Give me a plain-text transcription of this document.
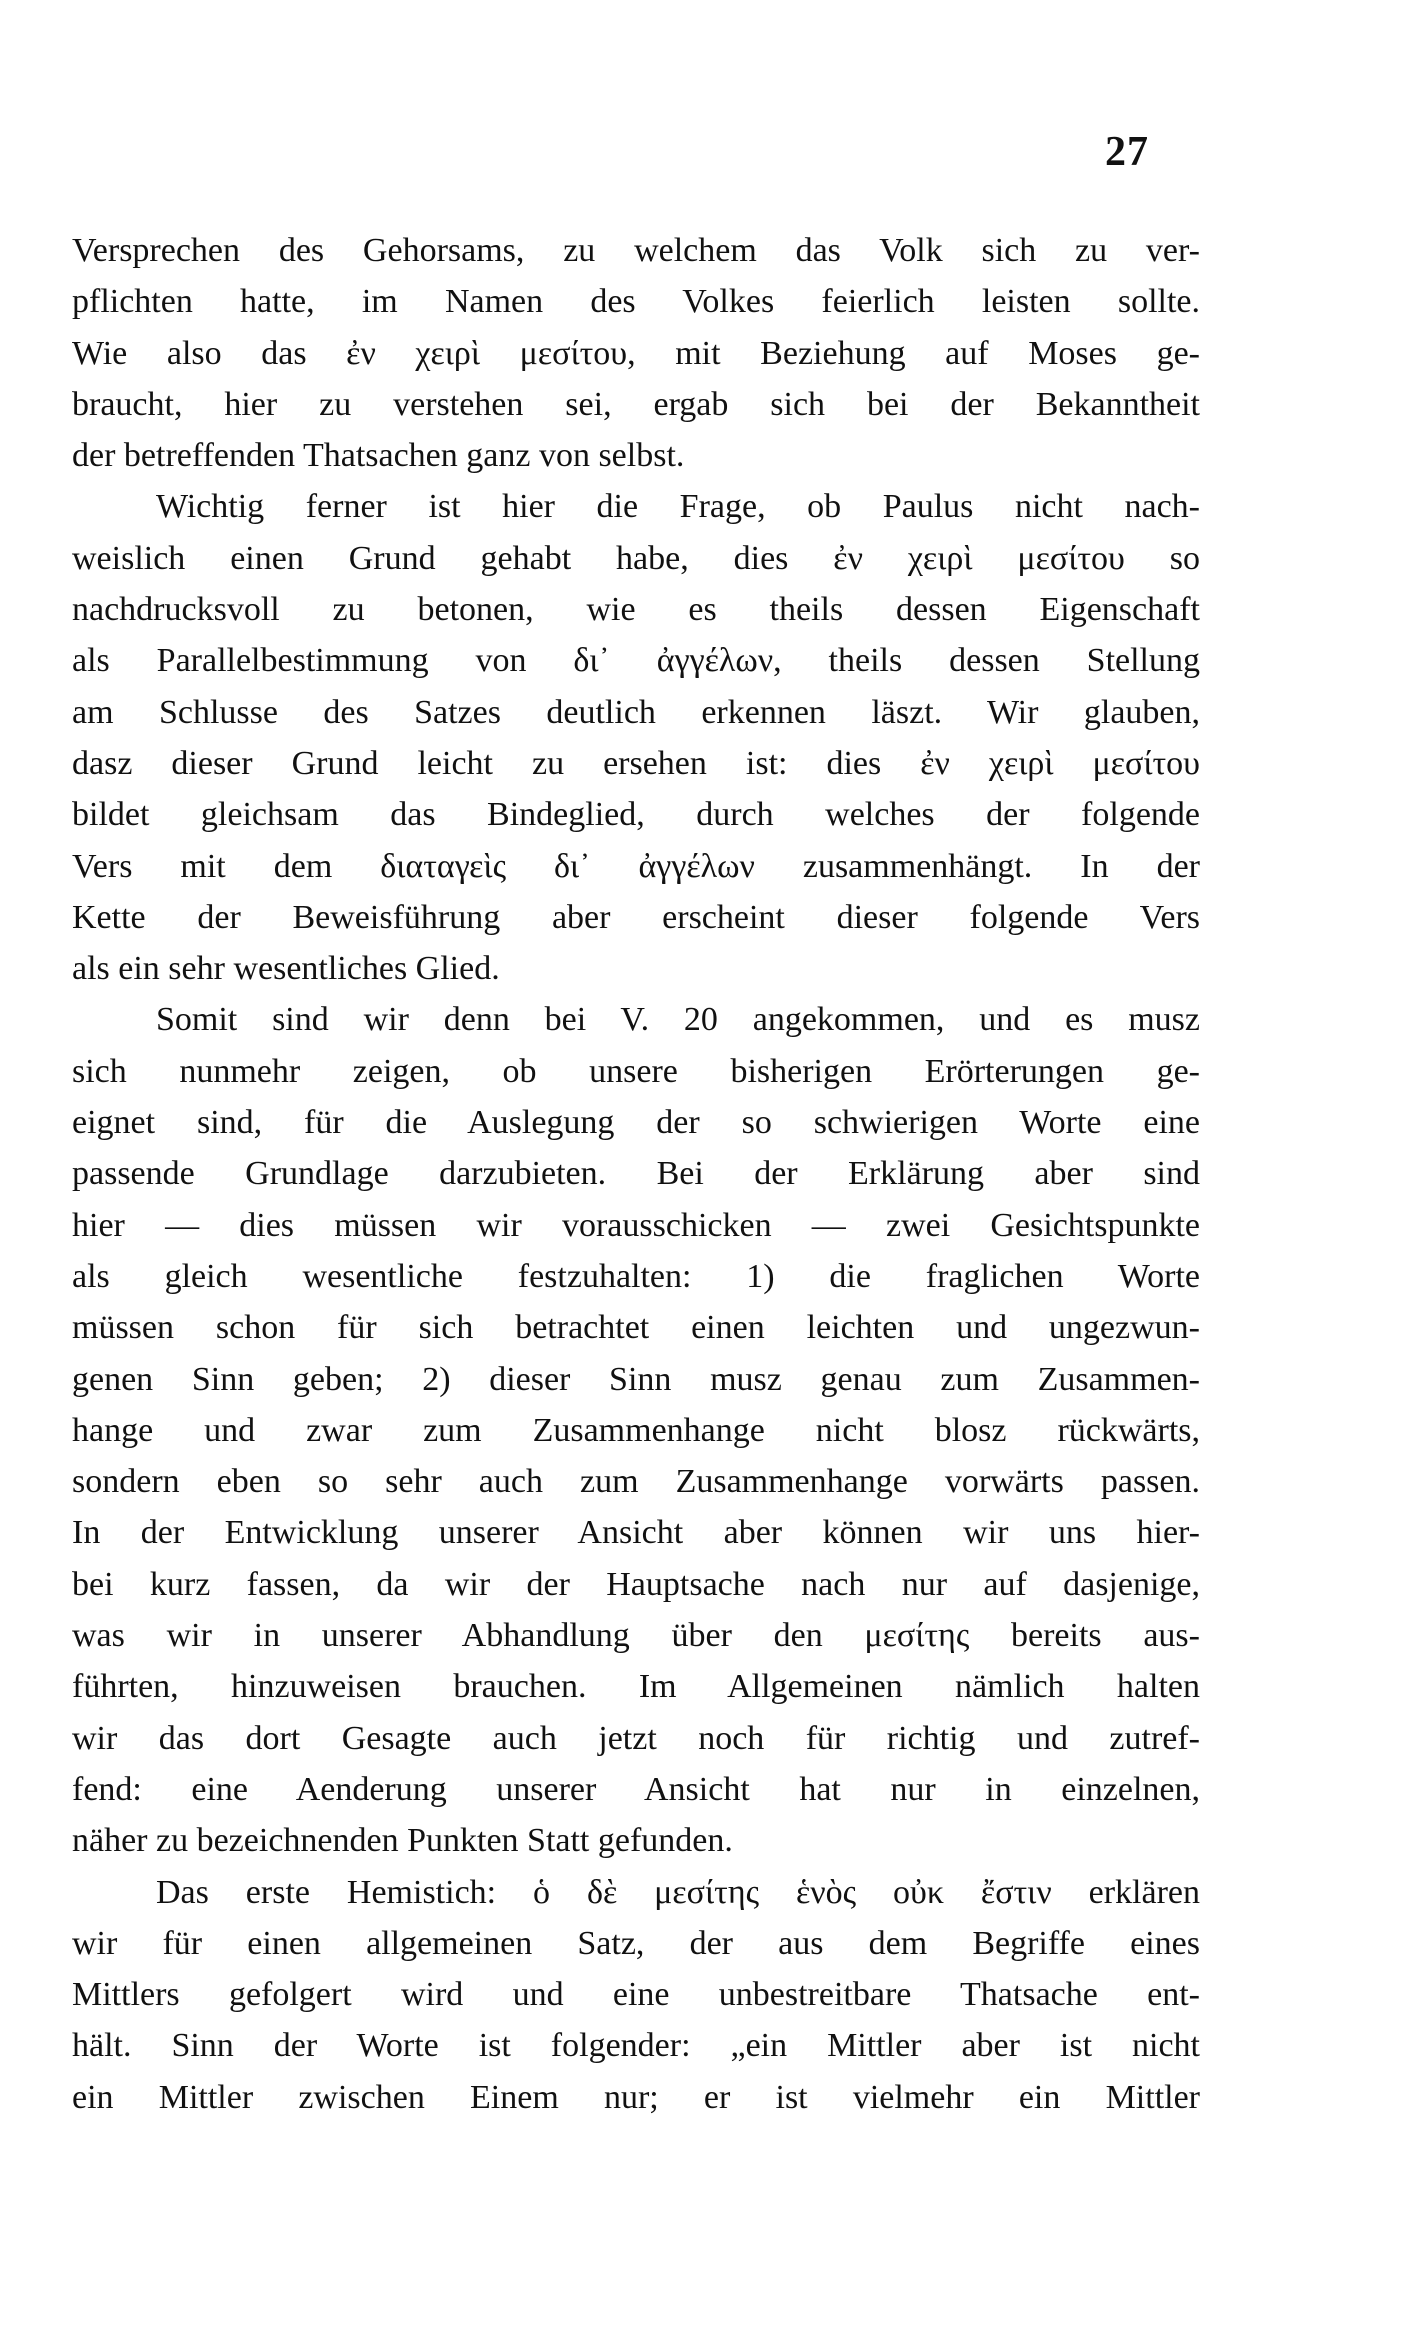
27
Versprechen des Gehorsams, zu welchem das Volk sich zu ver-
pflichten hatte, im Namen des Volkes feierlich leisten sollte.
Wie also das ἐν χειρὶ μεσίτου, mit Beziehung auf Moses ge-
braucht, hier zu verstehen sei, ergab sich bei der Bekanntheit
der betreffenden Thatsachen ganz von selbst.
Wichtig ferner ist hier die Frage, ob Paulus nicht nach-
weislich einen Grund gehabt habe, dies ἐν χειρὶ μεσίτου so
nachdrucksvoll zu betonen, wie es theils dessen Eigenschaft
als Parallelbestimmung von δι᾽ ἀγγέλων, theils dessen Stellung
am Schlusse des Satzes deutlich erkennen läszt. Wir glauben,
dasz dieser Grund leicht zu ersehen ist: dies ἐν χειρὶ μεσίτου
bildet gleichsam das Bindeglied, durch welches der folgende
Vers mit dem διαταγεὶς δι᾽ ἀγγέλων zusammenhängt. In der
Kette der Beweisführung aber erscheint dieser folgende Vers
als ein sehr wesentliches Glied.
Somit sind wir denn bei V. 20 angekommen, und es musz
sich nunmehr zeigen, ob unsere bisherigen Erörterungen ge-
eignet sind, für die Auslegung der so schwierigen Worte eine
passende Grundlage darzubieten. Bei der Erklärung aber sind
hier — dies müssen wir vorausschicken — zwei Gesichtspunkte
als gleich wesentliche festzuhalten: 1) die fraglichen Worte
müssen schon für sich betrachtet einen leichten und ungezwun-
genen Sinn geben; 2) dieser Sinn musz genau zum Zusammen-
hange und zwar zum Zusammenhange nicht blosz rückwärts,
sondern eben so sehr auch zum Zusammenhange vorwärts passen.
In der Entwicklung unserer Ansicht aber können wir uns hier-
bei kurz fassen, da wir der Hauptsache nach nur auf dasjenige,
was wir in unserer Abhandlung über den μεσίτης bereits aus-
führten, hinzuweisen brauchen. Im Allgemeinen nämlich halten
wir das dort Gesagte auch jetzt noch für richtig und zutref-
fend: eine Aenderung unserer Ansicht hat nur in einzelnen,
näher zu bezeichnenden Punkten Statt gefunden.
Das erste Hemistich: ὁ δὲ μεσίτης ἑνὸς οὐκ ἔστιν erklären
wir für einen allgemeinen Satz, der aus dem Begriffe eines
Mittlers gefolgert wird und eine unbestreitbare Thatsache ent-
hält. Sinn der Worte ist folgender: „ein Mittler aber ist nicht
ein Mittler zwischen Einem nur; er ist vielmehr ein Mittler
